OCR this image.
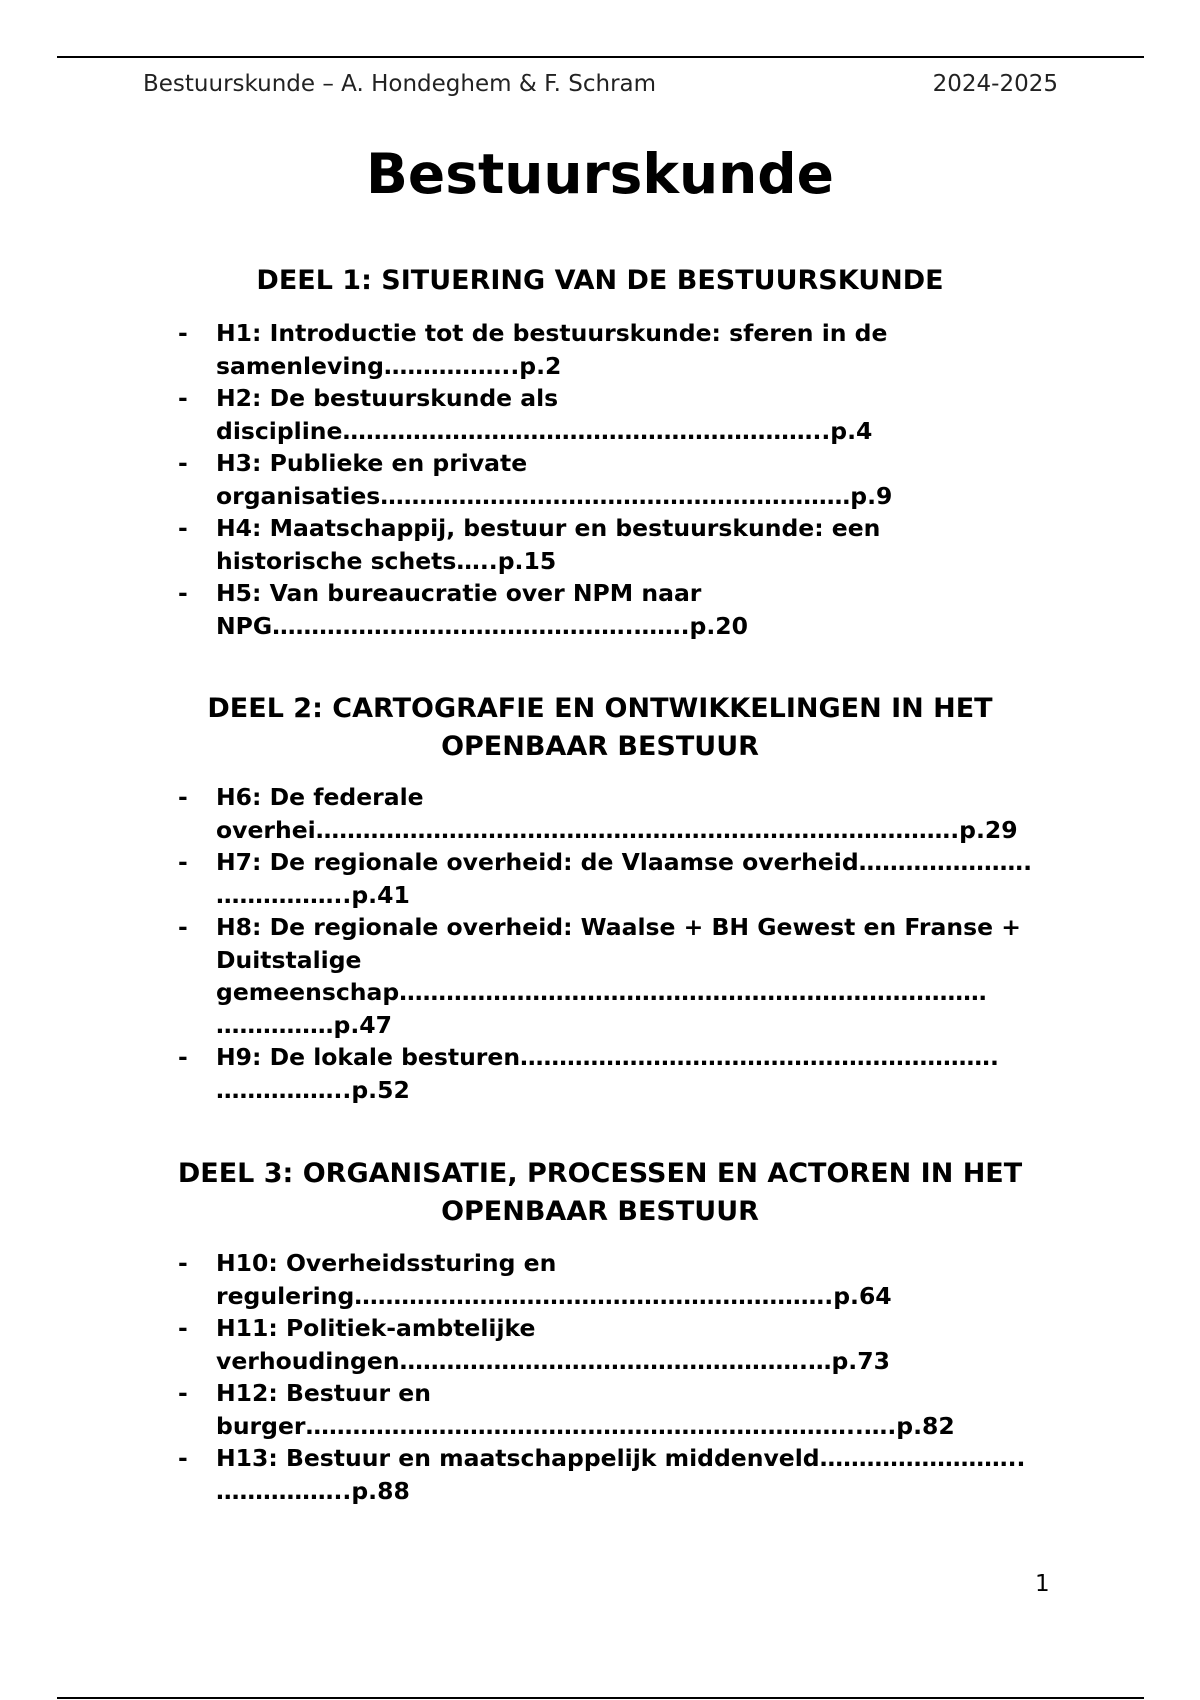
Bestuurskunde – A. Hondeghem & F. Schram	2024-2025
Bestuurskunde
DEEL 1: SITUERING VAN DE BESTUURSKUNDE
- H1: Introductie tot de bestuurskunde: sferen in de
samenleving……………..p.2
- H2: De bestuurskunde als
discipline……………………………………………………..p.4
- H3: Publieke en private
organisaties……………………………………………………p.9
- H4: Maatschappij, bestuur en bestuurskunde: een
historische schets…..p.15
- H5: Van bureaucratie over NPM naar
NPG……………………………………….…….p.20
DEEL 2: CARTOGRAFIE EN ONTWIKKELINGEN IN HET OPENBAAR BESTUUR
- H6: De federale
overhei……………………………………………………………………….p.29
- H7: De regionale overheid: de Vlaamse overheid………………….
……………..p.41
- H8: De regionale overheid: Waalse + BH Gewest en Franse +
Duitstalige
gemeenschap…………………………………………………………………
……………p.47
- H9: De lokale besturen…………………………………………………….
……………..p.52
DEEL 3: ORGANISATIE, PROCESSEN EN ACTOREN IN HET OPENBAAR BESTUUR
- H10: Overheidssturing en
regulering…………………………………………………….p.64
- H11: Politiek-ambtelijke
verhoudingen…………………………………………….…p.73
- H12: Bestuur en
burger……………………………………………………………..….p.82
- H13: Bestuur en maatschappelijk middenveld……………………..
……………..p.88
1
